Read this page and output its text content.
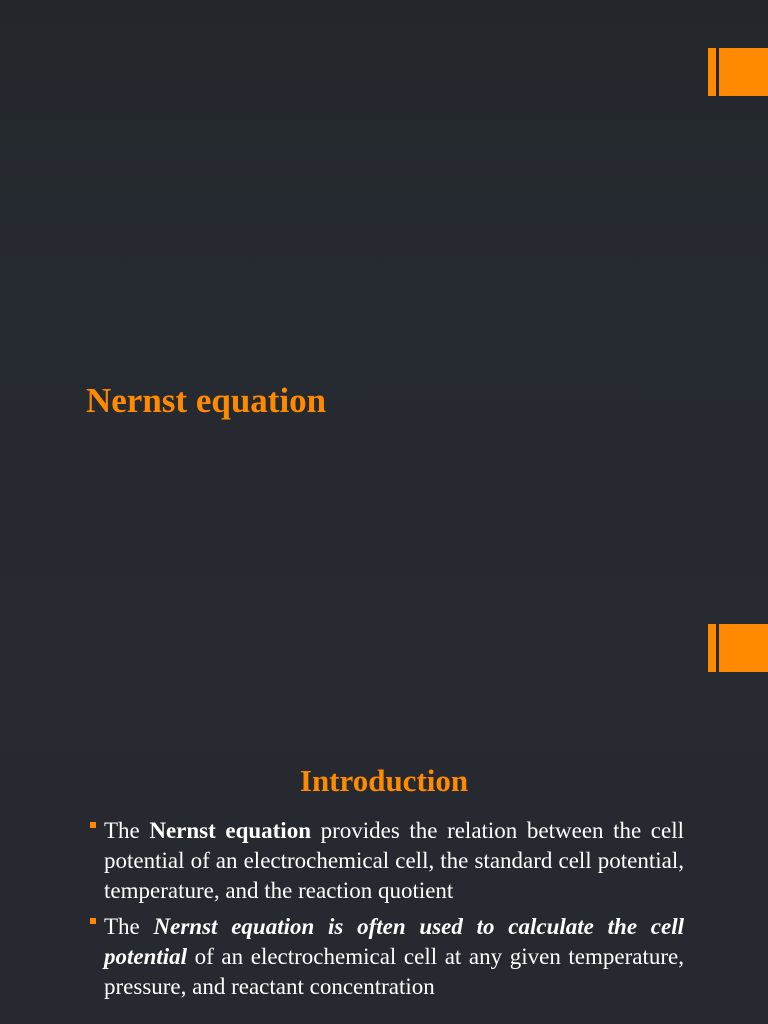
Nernst equation
Introduction
The Nernst equation provides the relation between the cell potential of an electrochemical cell, the standard cell potential, temperature, and the reaction quotient
The Nernst equation is often used to calculate the cell potential of an electrochemical cell at any given temperature, pressure, and reactant concentration
